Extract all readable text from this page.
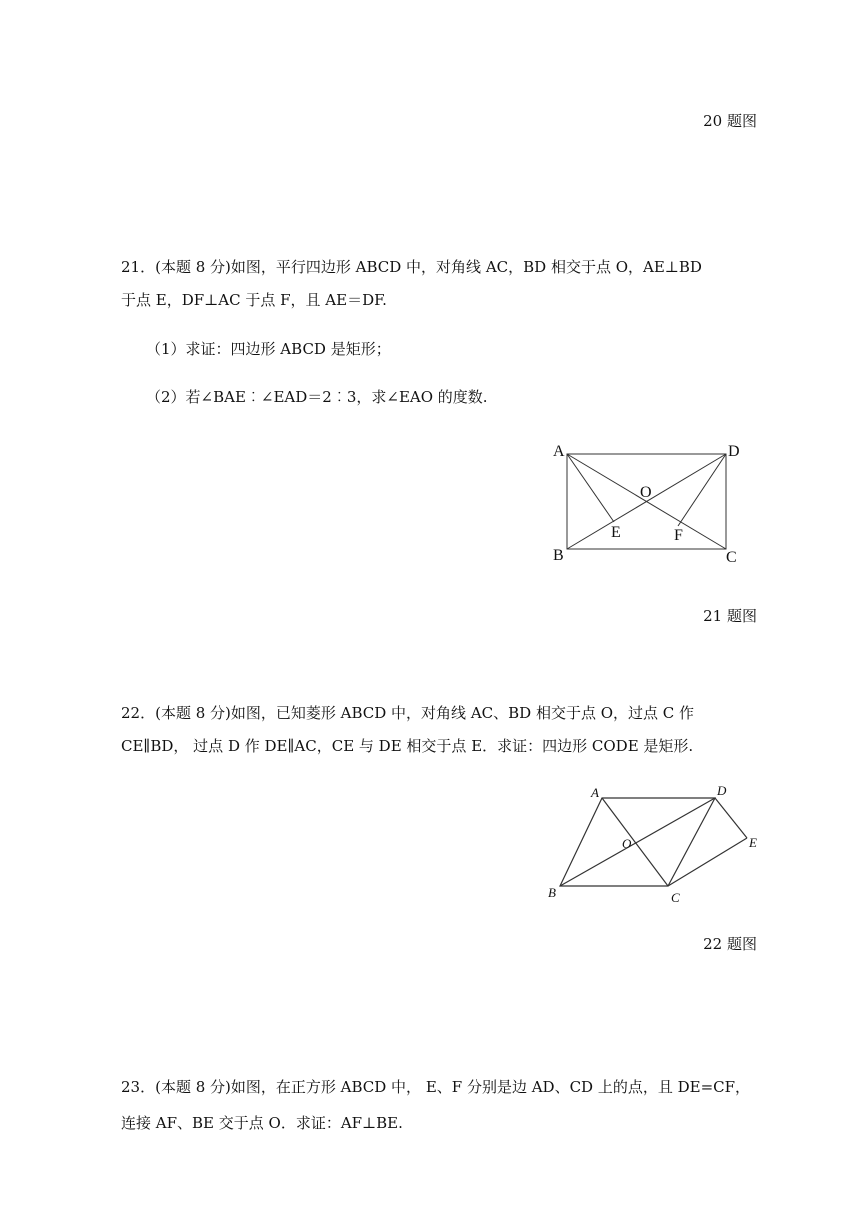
20 题图
21．(本题 8 分)如图，平行四边形 ABCD 中，对角线 AC，BD 相交于点 O，AE⊥BD
于点 E，DF⊥AC 于点 F，且 AE＝DF.
（1）求证：四边形 ABCD 是矩形；
（2）若∠BAE︰∠EAD＝2︰3，求∠EAO 的度数.
A	D
B	C
O
E	F
21 题图
22．(本题 8 分)如图，已知菱形 ABCD 中，对角线 AC、BD 相交于点 O，过点 C 作
CE∥BD， 过点 D 作 DE∥AC，CE 与 DE 相交于点 E．求证：四边形 CODE 是矩形.
A	D
B	C
O	E
22 题图
23．(本题 8 分)如图，在正方形 ABCD 中， E、F 分别是边 AD、CD 上的点，且 DE=CF，
连接 AF、BE 交于点 O．求证：AF⊥BE.
